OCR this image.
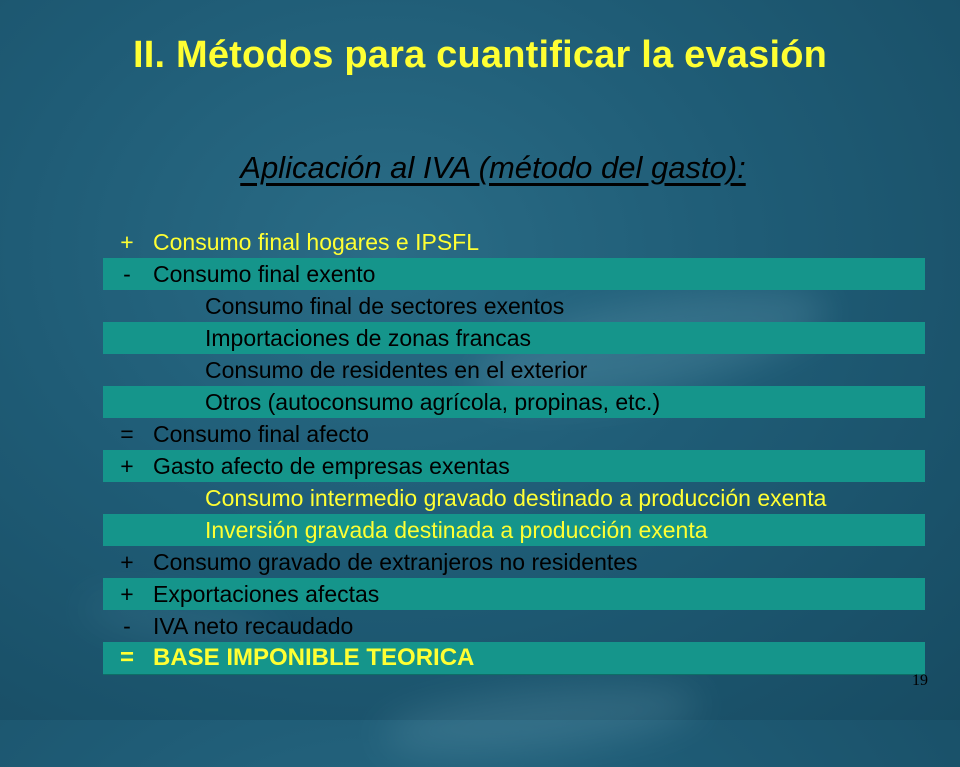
II. Métodos para cuantificar la evasión
Aplicación al IVA (método del gasto):
+ Consumo final hogares e IPSFL
- Consumo final exento
Consumo final de sectores exentos
Importaciones de zonas francas
Consumo de residentes en el exterior
Otros (autoconsumo agrícola, propinas, etc.)
= Consumo final afecto
+ Gasto afecto de empresas exentas
Consumo intermedio gravado destinado a producción exenta
Inversión gravada destinada a producción exenta
+ Consumo gravado de extranjeros no residentes
+ Exportaciones afectas
- IVA neto recaudado
= BASE IMPONIBLE TEORICA
19
